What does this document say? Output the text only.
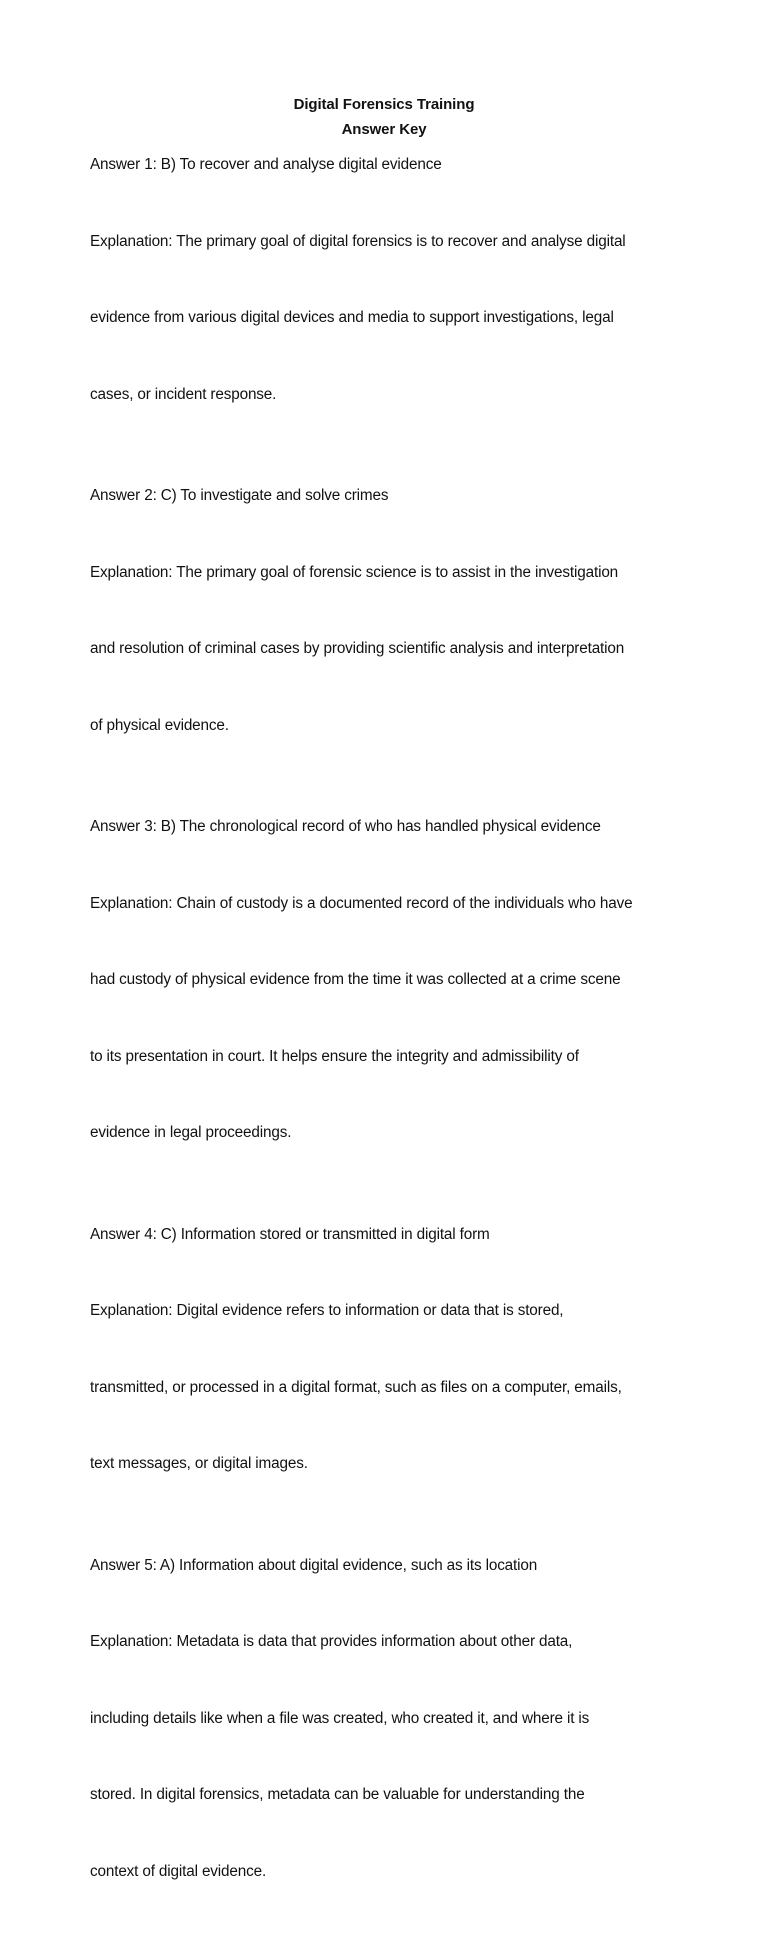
Digital Forensics Training
Answer Key

Answer 1: B) To recover and analyse digital evidence

Explanation: The primary goal of digital forensics is to recover and analyse digital

evidence from various digital devices and media to support investigations, legal

cases, or incident response.

Answer 2: C) To investigate and solve crimes

Explanation: The primary goal of forensic science is to assist in the investigation

and resolution of criminal cases by providing scientific analysis and interpretation

of physical evidence.

Answer 3: B) The chronological record of who has handled physical evidence

Explanation: Chain of custody is a documented record of the individuals who have

had custody of physical evidence from the time it was collected at a crime scene

to its presentation in court. It helps ensure the integrity and admissibility of

evidence in legal proceedings.

Answer 4: C) Information stored or transmitted in digital form

Explanation: Digital evidence refers to information or data that is stored,

transmitted, or processed in a digital format, such as files on a computer, emails,

text messages, or digital images.

Answer 5: A) Information about digital evidence, such as its location

Explanation: Metadata is data that provides information about other data,

including details like when a file was created, who created it, and where it is

stored. In digital forensics, metadata can be valuable for understanding the

context of digital evidence.
